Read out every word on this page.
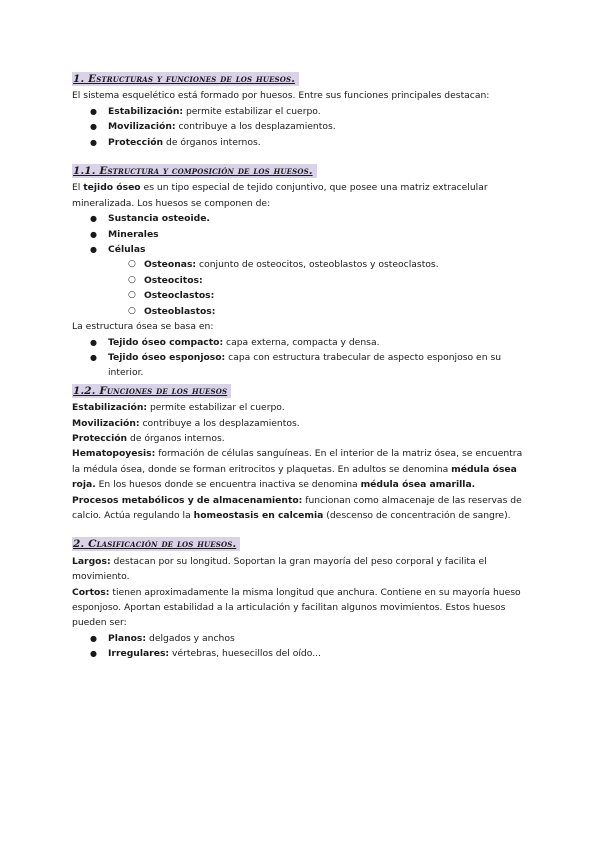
1. Estructuras y funciones de los huesos.

El sistema esquelético está formado por huesos. Entre sus funciones principales destacan:

● Estabilización: permite estabilizar el cuerpo.
● Movilización: contribuye a los desplazamientos.
● Protección de órganos internos.
1.1. Estructura y composición de los huesos.

El tejido óseo es un tipo especial de tejido conjuntivo, que posee una matriz extracelular mineralizada. Los huesos se componen de:

● Sustancia osteoide.
● Minerales
● Células
○ Osteonas: conjunto de osteocitos, osteoblastos y osteoclastos.
○ Osteocitos:
○ Osteoclastos:
○ Osteoblastos:

La estructura ósea se basa en:

● Tejido óseo compacto: capa externa, compacta y densa.
● Tejido óseo esponjoso: capa con estructura trabecular de aspecto esponjoso en su interior.
1.2. Funciones de los huesos

Estabilización: permite estabilizar el cuerpo.

Movilización: contribuye a los desplazamientos.

Protección de órganos internos.

Hematopoyesis: formación de células sanguíneas. En el interior de la matriz ósea, se encuentra la médula ósea, donde se forman eritrocitos y plaquetas. En adultos se denomina médula ósea roja. En los huesos donde se encuentra inactiva se denomina médula ósea amarilla.

Procesos metabólicos y de almacenamiento: funcionan como almacenaje de las reservas de calcio. Actúa regulando la homeostasis en calcemia (descenso de concentración de sangre).

2. Clasificación de los huesos.

Largos: destacan por su longitud. Soportan la gran mayoría del peso corporal y facilita el movimiento.

Cortos: tienen aproximadamente la misma longitud que anchura. Contiene en su mayoría hueso esponjoso. Aportan estabilidad a la articulación y facilitan algunos movimientos. Estos huesos pueden ser:

● Planos: delgados y anchos
● Irregulares: vértebras, huesecillos del oído...
